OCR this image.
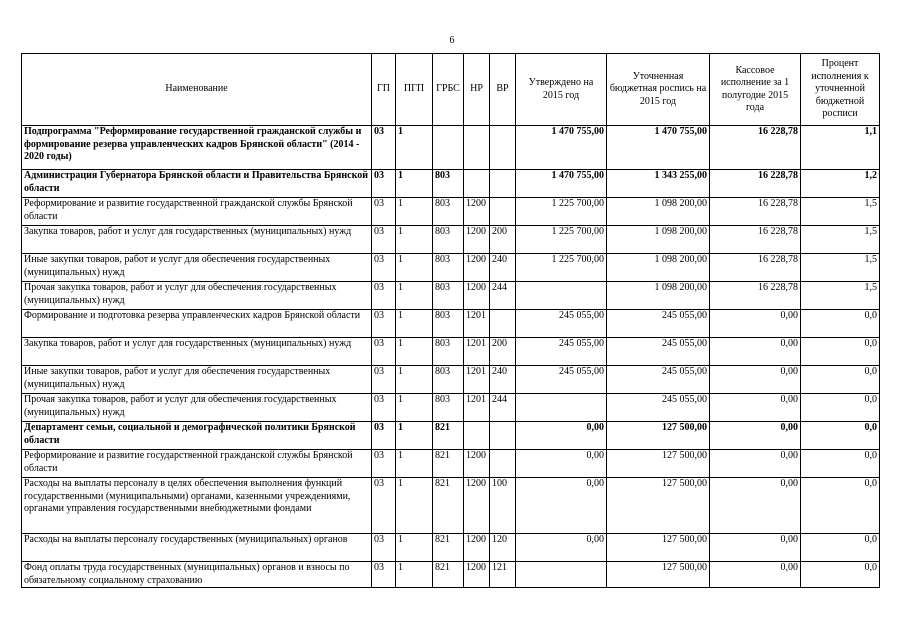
6
Наименование	ГП	ПГП	ГРБС	НР	ВР	Утверждено на 2015 год	Уточненная бюджетная роспись на 2015 год	Кассовое исполнение за 1 полугодие 2015 года	Процент исполнения к уточненной бюджетной росписи
Подпрограмма "Реформирование государственной гражданской службы и формирование резерва управленческих кадров Брянской области" (2014 - 2020 годы)	03	1				1 470 755,00	1 470 755,00	16 228,78	1,1
Администрация Губернатора Брянской области и Правительства Брянской области	03	1	803			1 470 755,00	1 343 255,00	16 228,78	1,2
Реформирование и развитие государственной гражданской службы Брянской области	03	1	803	1200		1 225 700,00	1 098 200,00	16 228,78	1,5
Закупка товаров, работ и услуг для государственных (муниципальных) нужд	03	1	803	1200	200	1 225 700,00	1 098 200,00	16 228,78	1,5
Иные закупки товаров, работ и услуг для обеспечения государственных (муниципальных) нужд	03	1	803	1200	240	1 225 700,00	1 098 200,00	16 228,78	1,5
Прочая закупка товаров, работ и услуг для обеспечения государственных (муниципальных) нужд	03	1	803	1200	244		1 098 200,00	16 228,78	1,5
Формирование и подготовка резерва управленческих кадров Брянской области	03	1	803	1201		245 055,00	245 055,00	0,00	0,0
Закупка товаров, работ и услуг для государственных (муниципальных) нужд	03	1	803	1201	200	245 055,00	245 055,00	0,00	0,0
Иные закупки товаров, работ и услуг для обеспечения государственных (муниципальных) нужд	03	1	803	1201	240	245 055,00	245 055,00	0,00	0,0
Прочая закупка товаров, работ и услуг для обеспечения государственных (муниципальных) нужд	03	1	803	1201	244		245 055,00	0,00	0,0
Департамент семьи, социальной и демографической политики Брянской области	03	1	821			0,00	127 500,00	0,00	0,0
Реформирование и развитие государственной гражданской службы Брянской области	03	1	821	1200		0,00	127 500,00	0,00	0,0
Расходы на выплаты персоналу в целях обеспечения выполнения функций государственными (муниципальными) органами, казенными учреждениями, органами управления государственными внебюджетными фондами	03	1	821	1200	100	0,00	127 500,00	0,00	0,0
Расходы на выплаты персоналу государственных (муниципальных) органов	03	1	821	1200	120	0,00	127 500,00	0,00	0,0
Фонд оплаты труда государственных (муниципальных) органов и взносы по обязательному социальному страхованию	03	1	821	1200	121		127 500,00	0,00	0,0
